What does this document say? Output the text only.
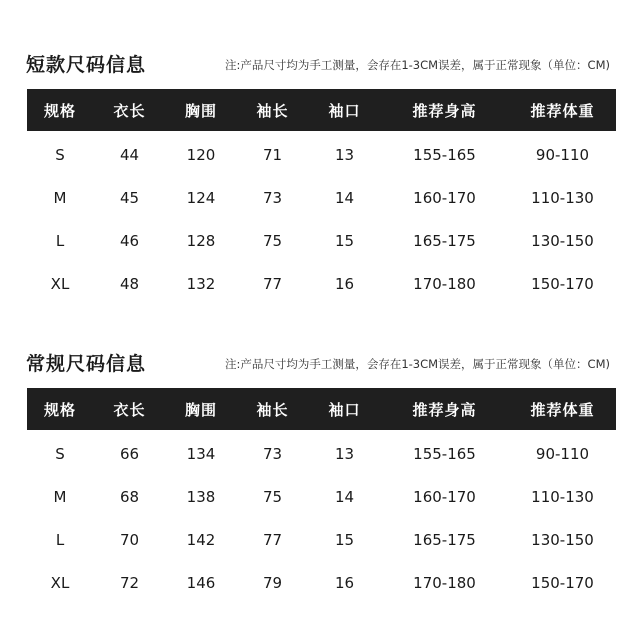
短款尺码信息	注:产品尺寸均为手工测量，会存在1-3CM误差，属于正常现象（单位：CM)
规格	衣长	胸围	袖长	袖口	推荐身高	推荐体重
S	44	120	71	13	155-165	90-110
M	45	124	73	14	160-170	110-130
L	46	128	75	15	165-175	130-150
XL	48	132	77	16	170-180	150-170
常规尺码信息	注:产品尺寸均为手工测量，会存在1-3CM误差，属于正常现象（单位：CM)
规格	衣长	胸围	袖长	袖口	推荐身高	推荐体重
S	66	134	73	13	155-165	90-110
M	68	138	75	14	160-170	110-130
L	70	142	77	15	165-175	130-150
XL	72	146	79	16	170-180	150-170
